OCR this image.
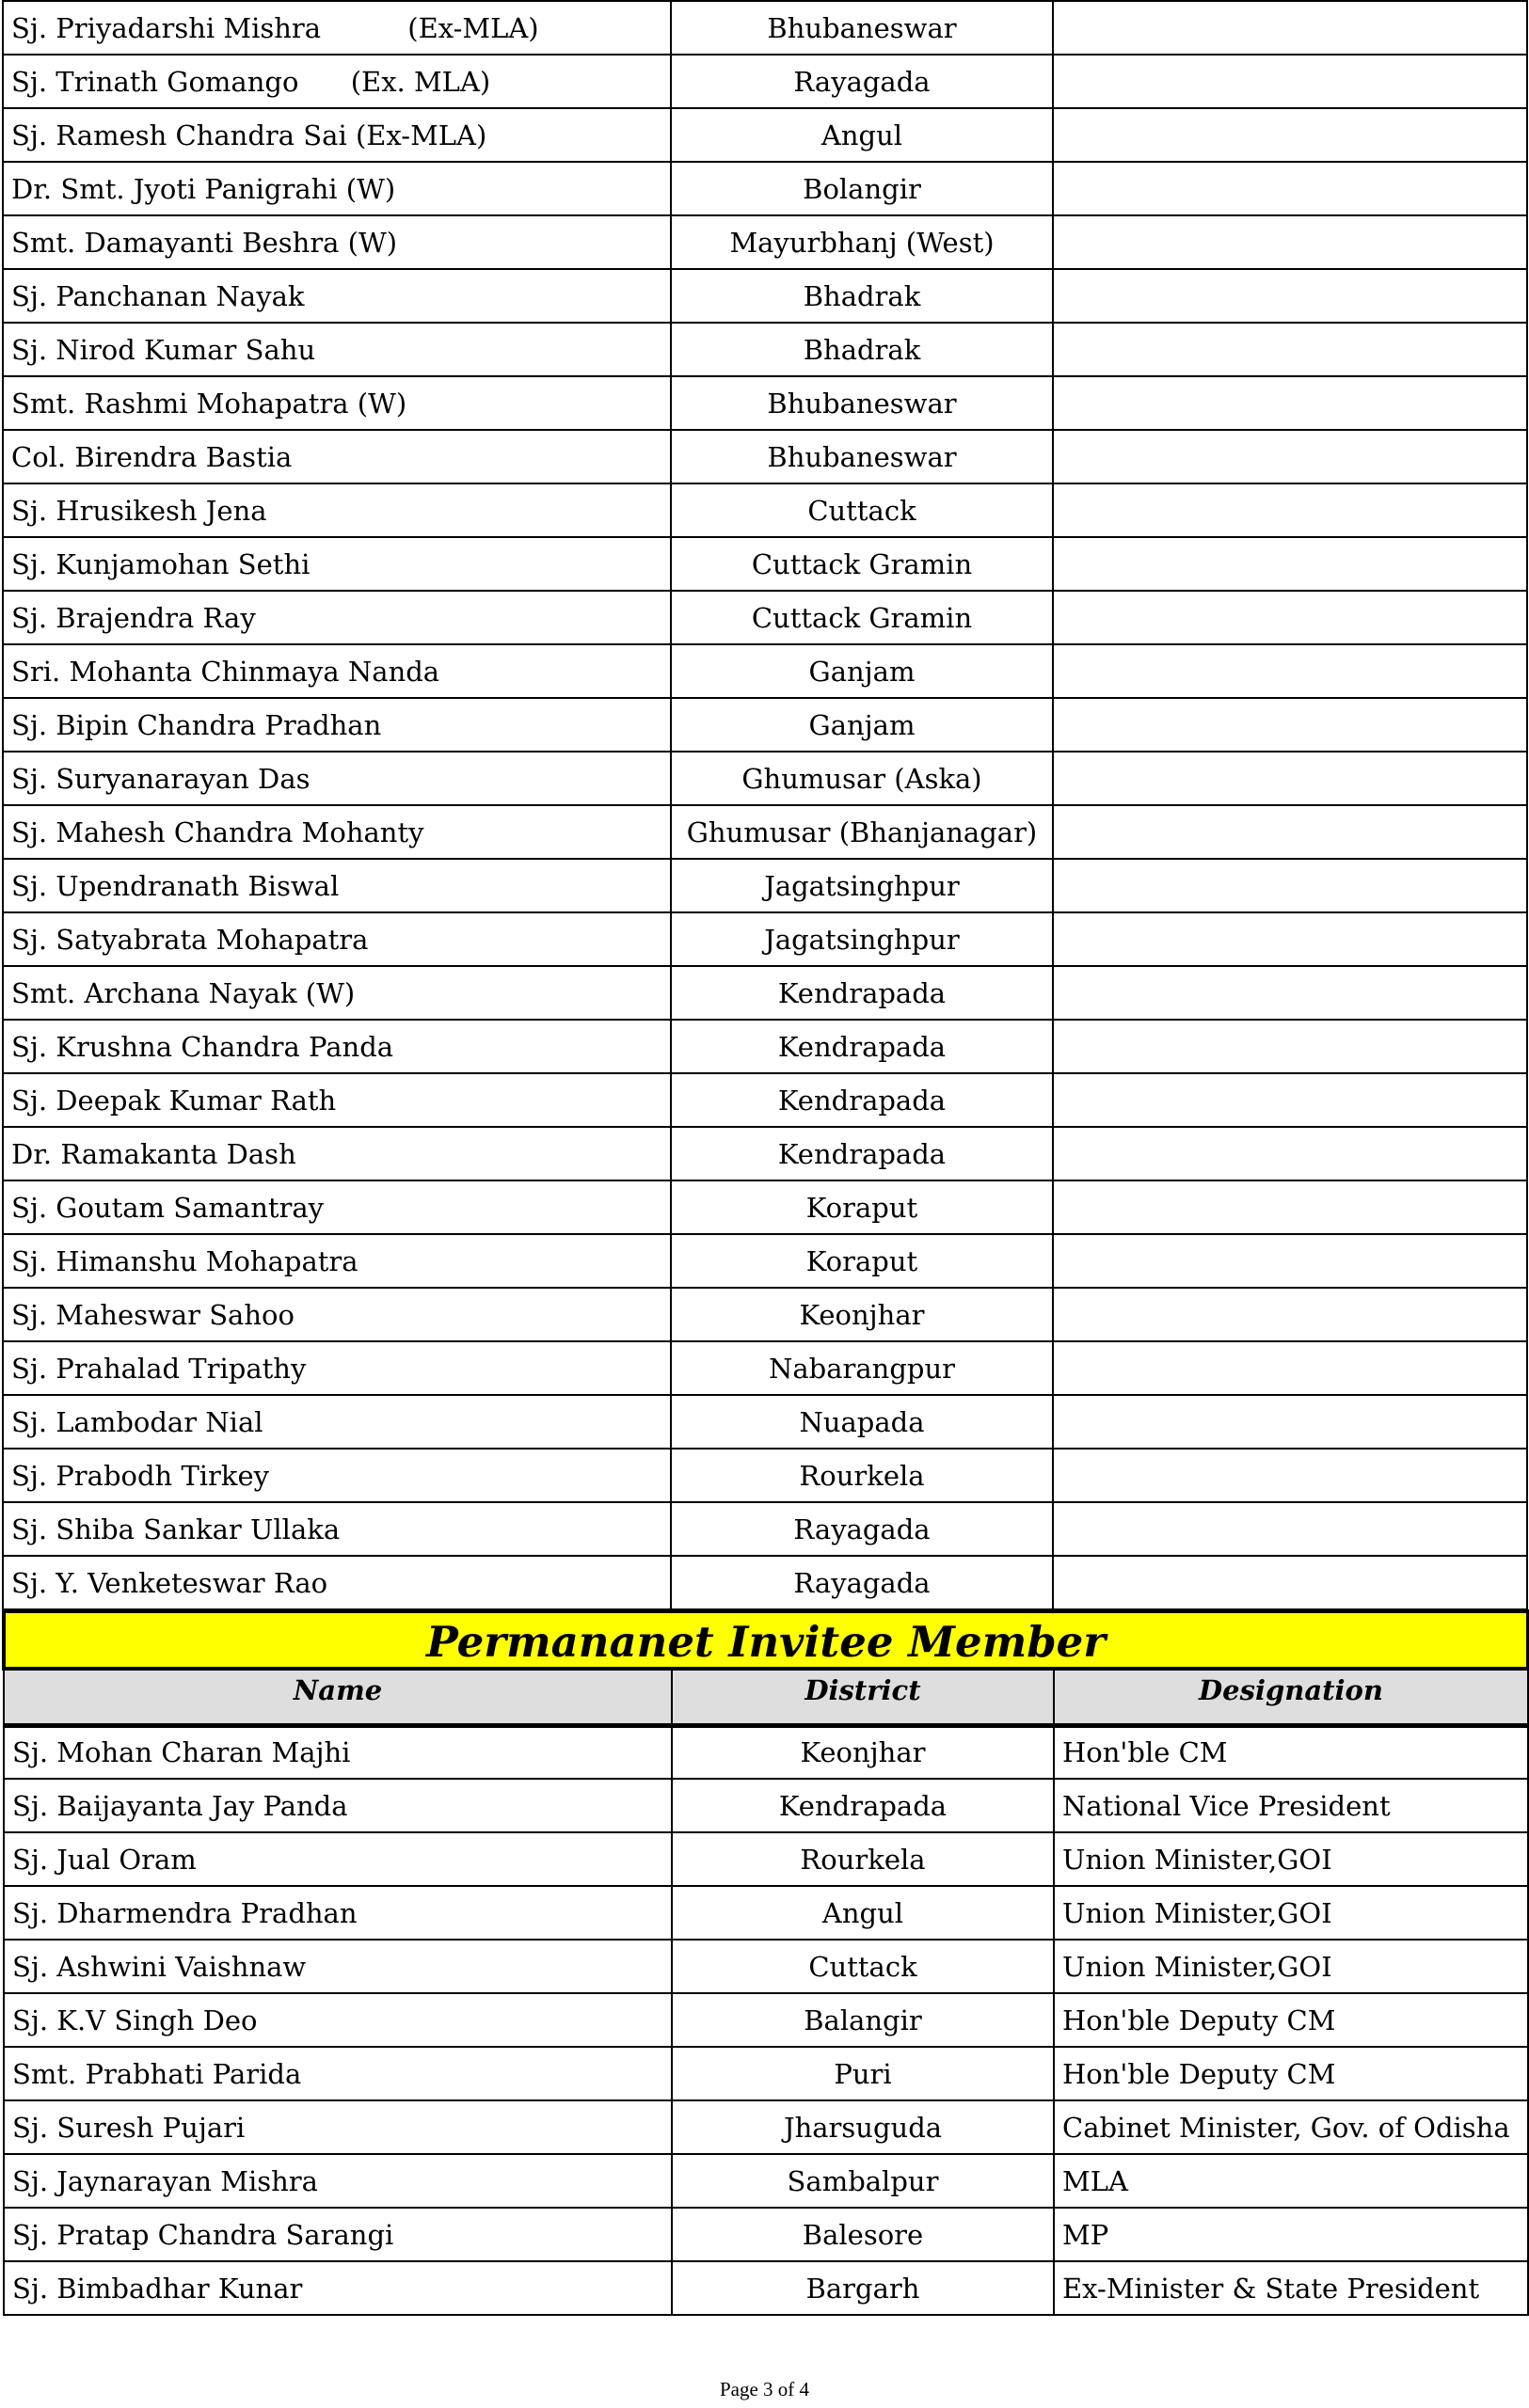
Sj. Priyadarshi Mishra          (Ex-MLA)	Bhubaneswar	
Sj. Trinath Gomango      (Ex. MLA)	Rayagada	
Sj. Ramesh Chandra Sai (Ex-MLA)	Angul	
Dr. Smt. Jyoti Panigrahi (W)	Bolangir	
Smt. Damayanti Beshra (W)	Mayurbhanj (West)	
Sj. Panchanan Nayak	Bhadrak	
Sj. Nirod Kumar Sahu	Bhadrak	
Smt. Rashmi Mohapatra (W)	Bhubaneswar	
Col. Birendra Bastia	Bhubaneswar	
Sj. Hrusikesh Jena	Cuttack	
Sj. Kunjamohan Sethi	Cuttack Gramin	
Sj. Brajendra Ray	Cuttack Gramin	
Sri. Mohanta Chinmaya Nanda	Ganjam	
Sj. Bipin Chandra Pradhan	Ganjam	
Sj. Suryanarayan Das	Ghumusar (Aska)	
Sj. Mahesh Chandra Mohanty	Ghumusar (Bhanjanagar)	
Sj. Upendranath Biswal	Jagatsinghpur	
Sj. Satyabrata Mohapatra	Jagatsinghpur	
Smt. Archana Nayak (W)	Kendrapada	
Sj. Krushna Chandra Panda	Kendrapada	
Sj. Deepak Kumar Rath	Kendrapada	
Dr. Ramakanta Dash	Kendrapada	
Sj. Goutam Samantray	Koraput	
Sj. Himanshu Mohapatra	Koraput	
Sj. Maheswar Sahoo	Keonjhar	
Sj. Prahalad Tripathy	Nabarangpur	
Sj. Lambodar Nial	Nuapada	
Sj. Prabodh Tirkey	Rourkela	
Sj. Shiba Sankar Ullaka	Rayagada	
Sj. Y. Venketeswar Rao	Rayagada	
Permananet Invitee Member		
Name	District	Designation
Sj. Mohan Charan Majhi	Keonjhar	Hon'ble CM
Sj. Baijayanta Jay Panda	Kendrapada	National Vice President
Sj. Jual Oram	Rourkela	Union Minister,GOI
Sj. Dharmendra Pradhan	Angul	Union Minister,GOI
Sj. Ashwini Vaishnaw	Cuttack	Union Minister,GOI
Sj. K.V Singh Deo	Balangir	Hon'ble Deputy CM
Smt. Prabhati Parida	Puri	Hon'ble Deputy CM
Sj. Suresh Pujari	Jharsuguda	Cabinet Minister, Gov. of Odisha
Sj. Jaynarayan Mishra	Sambalpur	MLA
Sj. Pratap Chandra Sarangi	Balesore	MP
Sj. Bimbadhar Kunar	Bargarh	Ex-Minister & State President
Page 3 of 4
